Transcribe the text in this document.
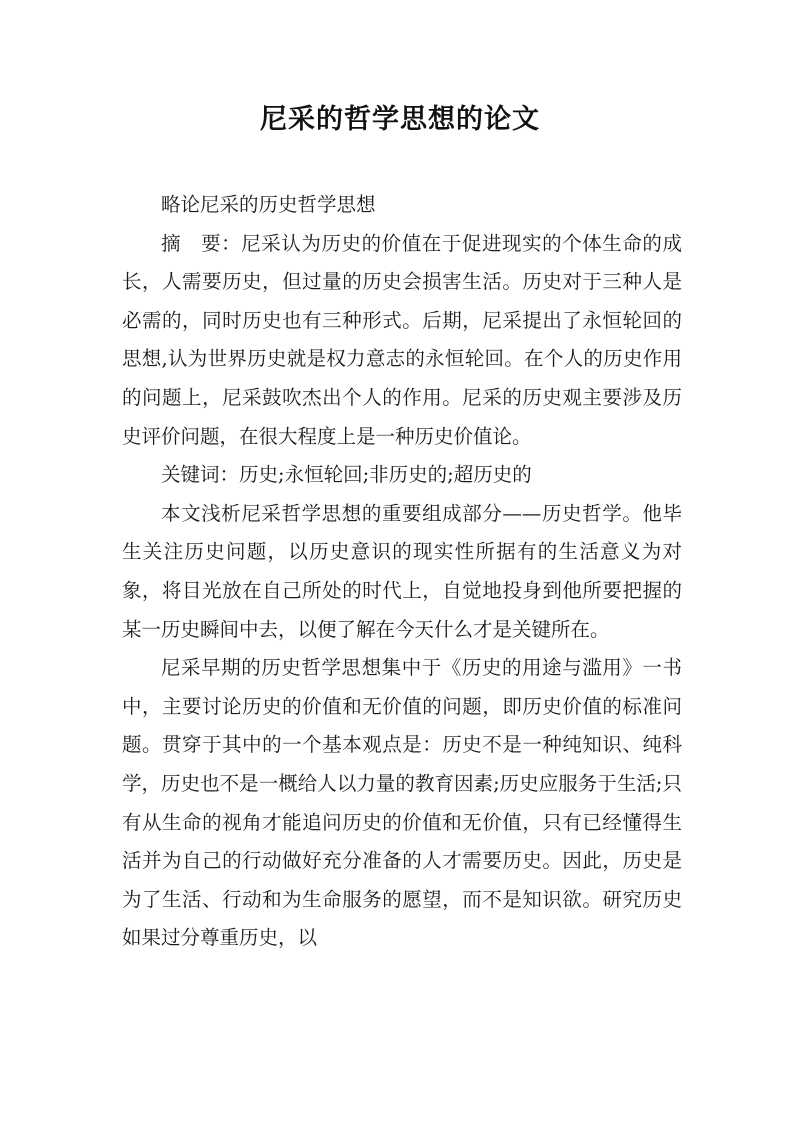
尼采的哲学思想的论文

略论尼采的历史哲学思想

摘　要：尼采认为历史的价值在于促进现实的个体生命的成长，人需要历史，但过量的历史会损害生活。历史对于三种人是必需的，同时历史也有三种形式。后期，尼采提出了永恒轮回的思想,认为世界历史就是权力意志的永恒轮回。在个人的历史作用的问题上，尼采鼓吹杰出个人的作用。尼采的历史观主要涉及历史评价问题，在很大程度上是一种历史价值论。

关键词：历史;永恒轮回;非历史的;超历史的

本文浅析尼采哲学思想的重要组成部分——历史哲学。他毕生关注历史问题，以历史意识的现实性所据有的生活意义为对象，将目光放在自己所处的时代上，自觉地投身到他所要把握的某一历史瞬间中去，以便了解在今天什么才是关键所在。

尼采早期的历史哲学思想集中于《历史的用途与滥用》一书中，主要讨论历史的价值和无价值的问题，即历史价值的标准问题。贯穿于其中的一个基本观点是：历史不是一种纯知识、纯科学，历史也不是一概给人以力量的教育因素;历史应服务于生活;只有从生命的视角才能追问历史的价值和无价值，只有已经懂得生活并为自己的行动做好充分准备的人才需要历史。因此，历史是为了生活、行动和为生命服务的愿望，而不是知识欲。研究历史如果过分尊重历史，以
